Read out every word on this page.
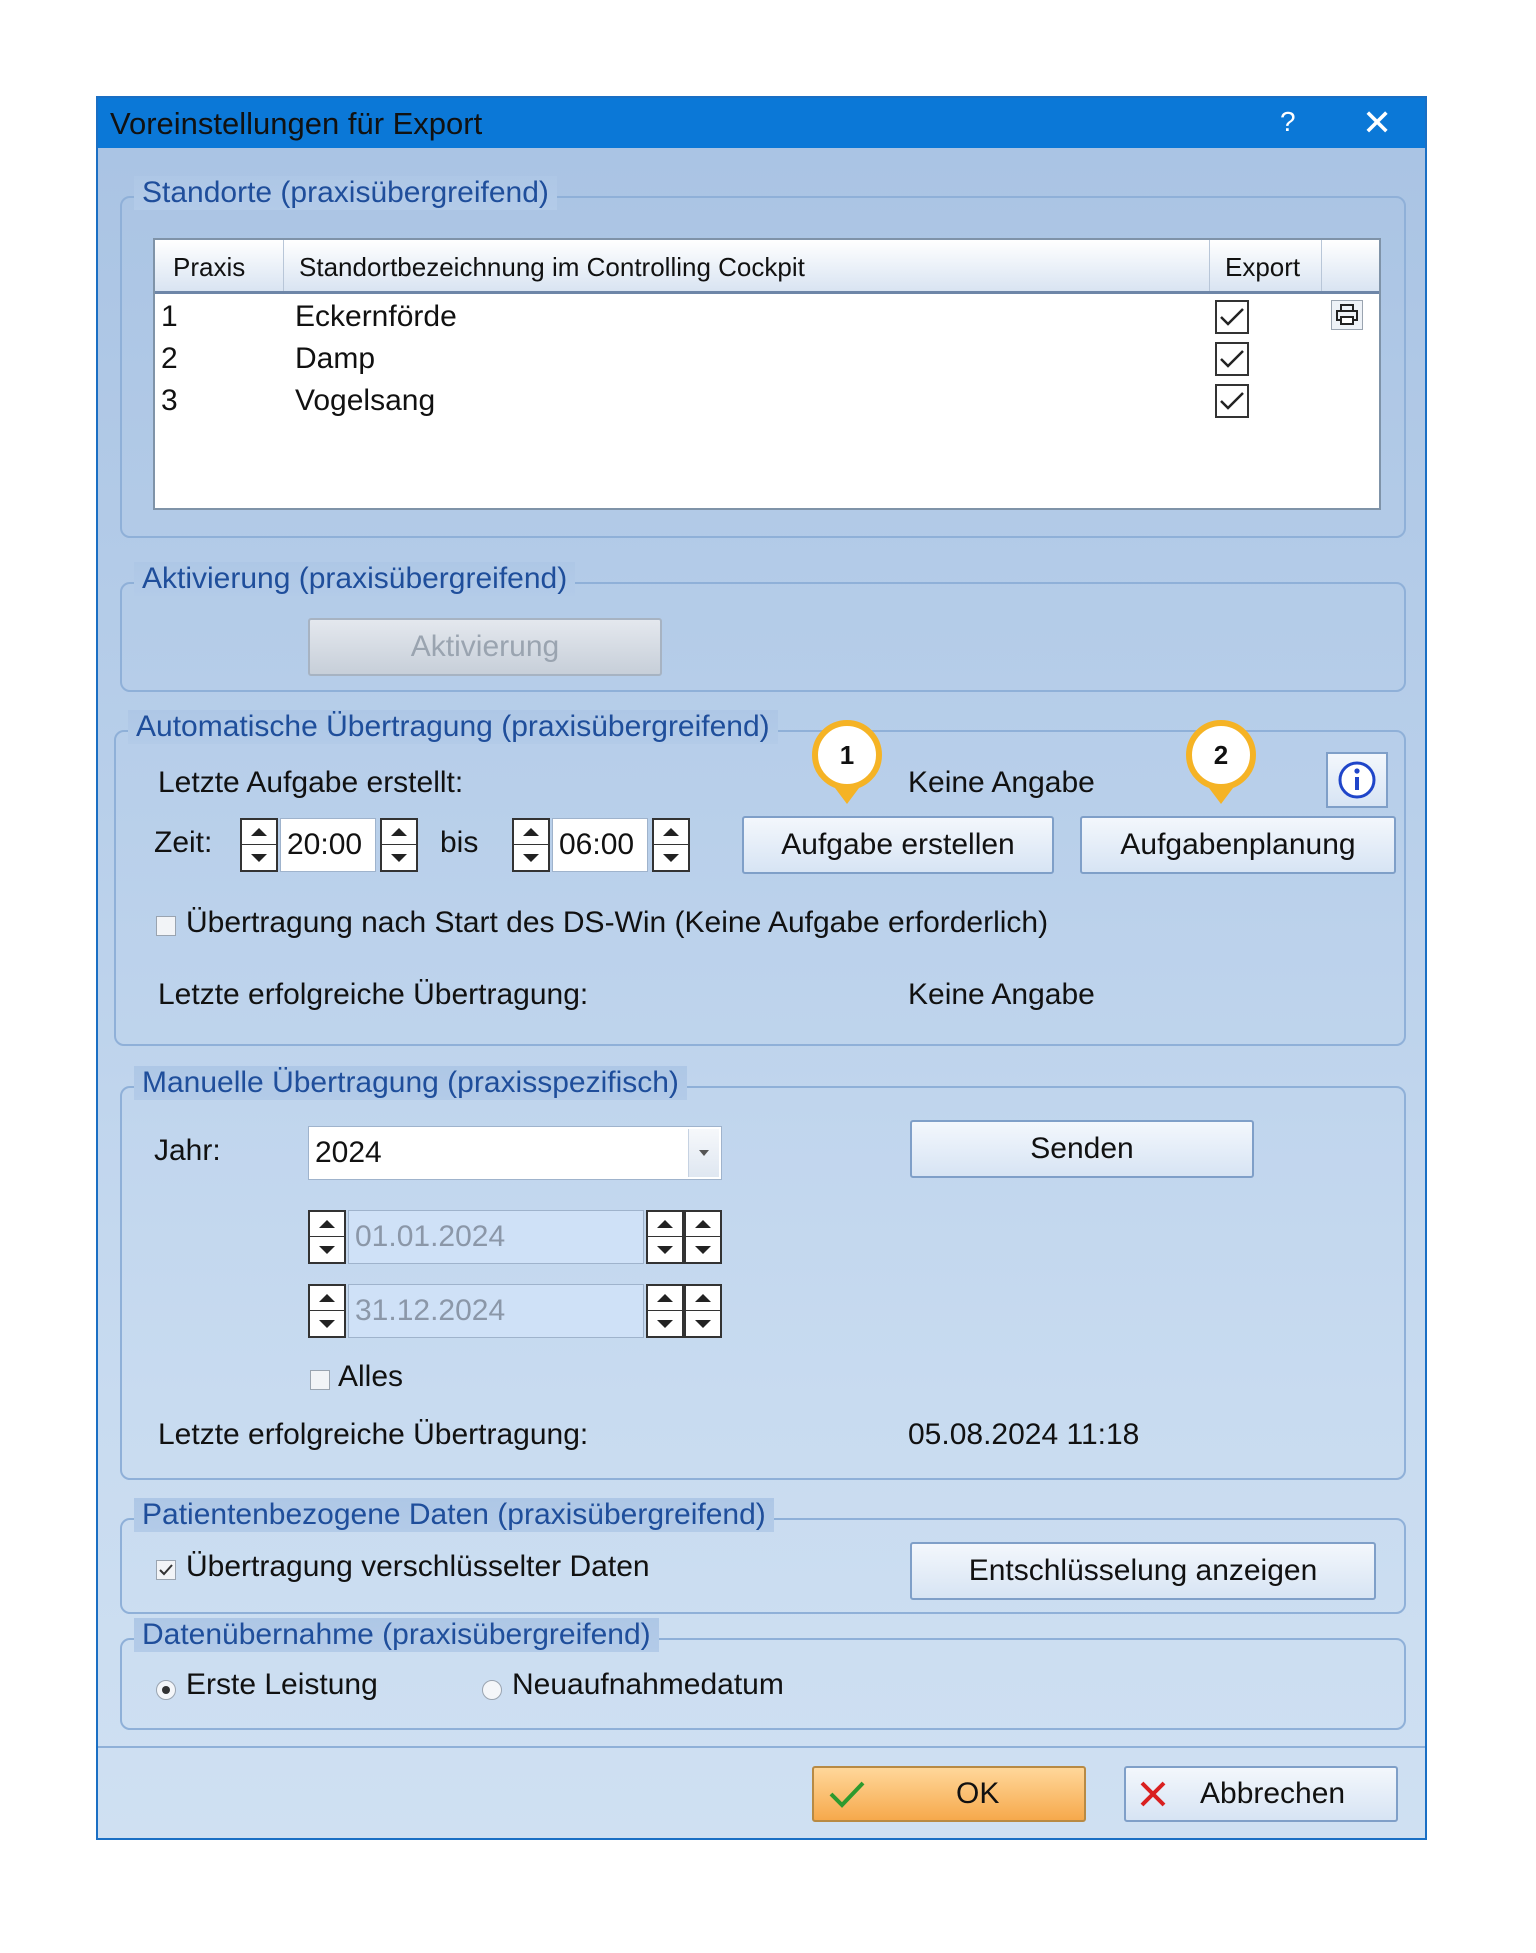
Voreinstellungen für Export	? ✕
Standorte (praxisübergreifend)
Praxis Standortbezeichnung im Controlling Cockpit	Export
1	Eckernförde
2	Damp
3	Vogelsang
Aktivierung (praxisübergreifend)
Aktivierung
Automatische Übertragung (praxisübergreifend)
Letzte Aufgabe erstellt:	Keine Angabe
1	2
Zeit: 20:00	bis	06:00	Aufgabe erstellen	Aufgabenplanung
Übertragung nach Start des DS-Win (Keine Aufgabe erforderlich)
Letzte erfolgreiche Übertragung:	Keine Angabe
Manuelle Übertragung (praxisspezifisch)
Jahr:	2024	Senden
01.01.2024
31.12.2024
Alles
Letzte erfolgreiche Übertragung:	05.08.2024 11:18
Patientenbezogene Daten (praxisübergreifend)
Übertragung verschlüsselter Daten	Entschlüsselung anzeigen
Datenübernahme (praxisübergreifend)
Erste Leistung	Neuaufnahmedatum
OK	Abbrechen
